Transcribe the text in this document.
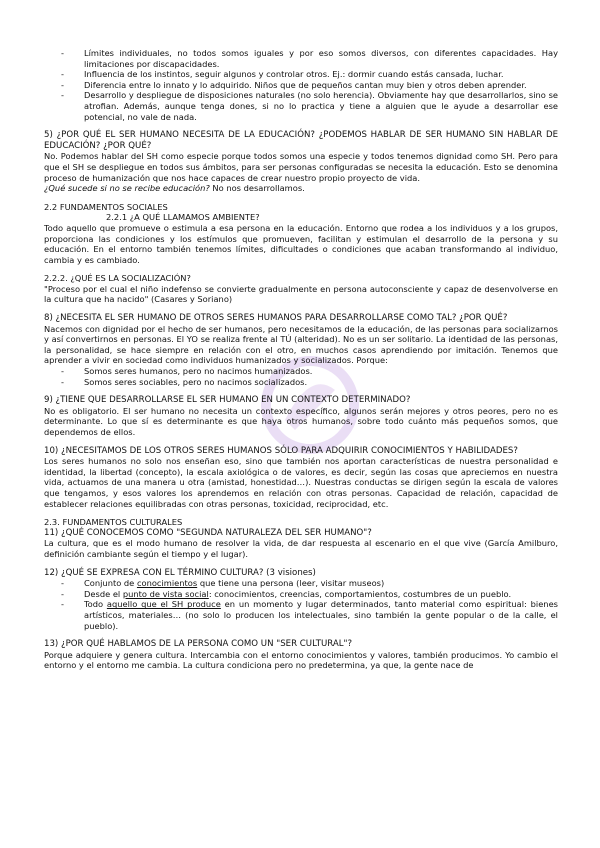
- Límites individuales, no todos somos iguales y por eso somos diversos, con diferentes capacidades. Hay limitaciones por discapacidades.

- Influencia de los instintos, seguir algunos y controlar otros. Ej.: dormir cuando estás cansada, luchar.

- Diferencia entre lo innato y lo adquirido. Niños que de pequeños cantan muy bien y otros deben aprender.

- Desarrollo y despliegue de disposiciones naturales (no solo herencia). Obviamente hay que desarrollarlos, sino se atrofian. Además, aunque tenga dones, si no lo practica y tiene a alguien que le ayude a desarrollar ese potencial, no vale de nada.

5) ¿POR QUÉ EL SER HUMANO NECESITA DE LA EDUCACIÓN? ¿PODEMOS HABLAR DE SER HUMANO SIN HABLAR DE EDUCACIÓN? ¿POR QUÉ?

No. Podemos hablar del SH como especie porque todos somos una especie y todos tenemos dignidad como SH. Pero para que el SH se despliegue en todos sus ámbitos, para ser personas configuradas se necesita la educación. Esto se denomina proceso de humanización que nos hace capaces de crear nuestro propio proyecto de vida.

¿Qué sucede si no se recibe educación? No nos desarrollamos.

2.2 FUNDAMENTOS SOCIALES

2.2.1 ¿A QUÉ LLAMAMOS AMBIENTE?

Todo aquello que promueve o estimula a esa persona en la educación. Entorno que rodea a los individuos y a los grupos, proporciona las condiciones y los estímulos que promueven, facilitan y estimulan el desarrollo de la persona y su educación. En el entorno también tenemos límites, dificultades o condiciones que acaban transformando al individuo, cambia y es cambiado.

2.2.2. ¿QUÉ ES LA SOCIALIZACIÓN?

"Proceso por el cual el niño indefenso se convierte gradualmente en persona autoconsciente y capaz de desenvolverse en la cultura que ha nacido" (Casares y Soriano)

8) ¿NECESITA EL SER HUMANO DE OTROS SERES HUMANOS PARA DESARROLLARSE COMO TAL? ¿POR QUÉ?

Nacemos con dignidad por el hecho de ser humanos, pero necesitamos de la educación, de las personas para socializarnos y así convertirnos en personas. El YO se realiza frente al TÚ (alteridad). No es un ser solitario. La identidad de las personas, la personalidad, se hace siempre en relación con el otro, en muchos casos aprendiendo por imitación. Tenemos que aprender a vivir en sociedad como individuos humanizados y socializados. Porque:

- Somos seres humanos, pero no nacimos humanizados.

- Somos seres sociables, pero no nacimos socializados.

9) ¿TIENE QUE DESARROLLARSE EL SER HUMANO EN UN CONTEXTO DETERMINADO?

No es obligatorio. El ser humano no necesita un contexto específico, algunos serán mejores y otros peores, pero no es determinante. Lo que sí es determinante es que haya otros humanos, sobre todo cuánto más pequeños somos, que dependemos de ellos.

10) ¿NECESITAMOS DE LOS OTROS SERES HUMANOS SÓLO PARA ADQUIRIR CONOCIMIENTOS Y HABILIDADES?

Los seres humanos no solo nos enseñan eso, sino que también nos aportan características de nuestra personalidad e identidad, la libertad (concepto), la escala axiológica o de valores, es decir, según las cosas que apreciemos en nuestra vida, actuamos de una manera u otra (amistad, honestidad…). Nuestras conductas se dirigen según la escala de valores que tengamos, y esos valores los aprendemos en relación con otras personas. Capacidad de relación, capacidad de establecer relaciones equilibradas con otras personas, toxicidad, reciprocidad, etc.

2.3. FUNDAMENTOS CULTURALES

11) ¿QUÉ CONOCEMOS COMO "SEGUNDA NATURALEZA DEL SER HUMANO"?

La cultura, que es el modo humano de resolver la vida, de dar respuesta al escenario en el que vive (García Amilburo, definición cambiante según el tiempo y el lugar).

12) ¿QUÉ SE EXPRESA CON EL TÉRMINO CULTURA? (3 visiones)

- Conjunto de conocimientos que tiene una persona (leer, visitar museos)

- Desde el punto de vista social: conocimientos, creencias, comportamientos, costumbres de un pueblo.

- Todo aquello que el SH produce en un momento y lugar determinados, tanto material como espiritual: bienes artísticos, materiales… (no solo lo producen los intelectuales, sino también la gente popular o de la calle, el pueblo).

13) ¿POR QUÉ HABLAMOS DE LA PERSONA COMO UN "SER CULTURAL"?

Porque adquiere y genera cultura. Intercambia con el entorno conocimientos y valores, también producimos. Yo cambio el entorno y el entorno me cambia. La cultura condiciona pero no predetermina, ya que, la gente nace de
